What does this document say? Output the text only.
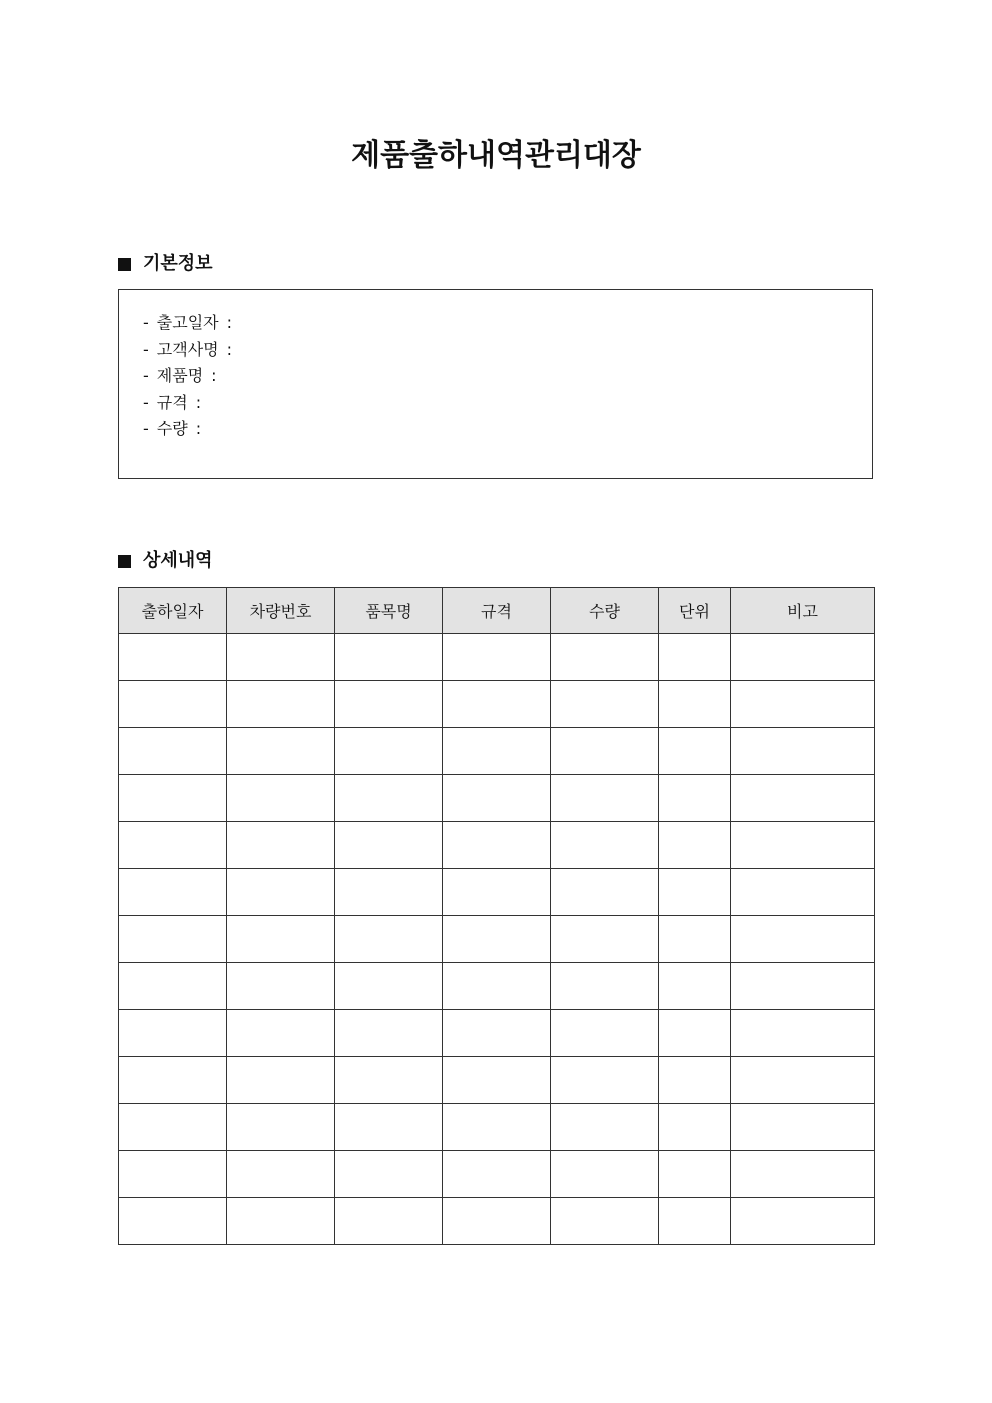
제품출하내역관리대장
기본정보
- 출고일자 :
- 고객사명 :
- 제품명 :
- 규격 :
- 수량 :
상세내역
출하일자	차량번호	품목명	규격	수량	단위	비고
